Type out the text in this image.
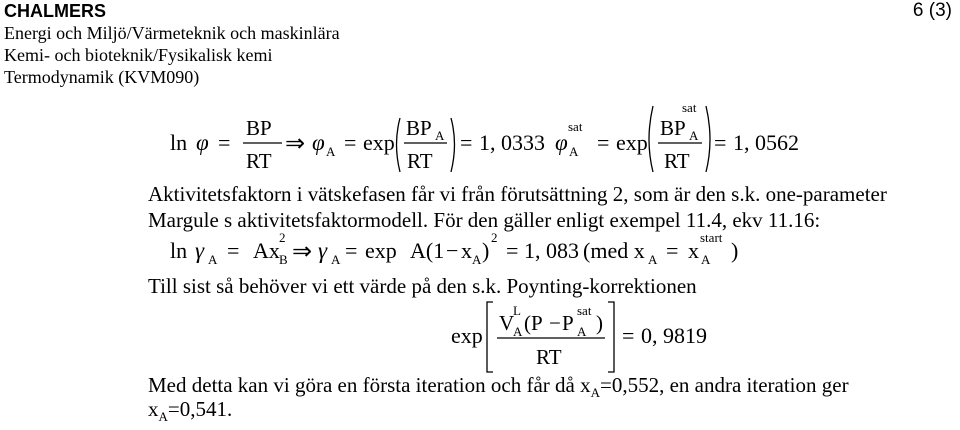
CHALMERS
Energi och Miljö/Värmeteknik och maskinlära
Kemi- och bioteknik/Fysikalisk kemi
Termodynamik (KVM090)
6 (3)
ln φ =
BP
RT
⇒ φ A = exp
BP A
RT
= 1, 0333 φ
sat
A = exp
sat
BP A
RT
= 1, 0562
Aktivitetsfaktorn i vätskefasen får vi från förutsättning 2, som är den s.k. one-parameter
Margule s aktivitetsfaktormodell. För den gäller enligt exempel 11.4, ekv 11.16:
ln γ A = Ax
2
B ⇒ γ A = exp A(1 − x A )
2
= 1, 083 (med x A = x
start
A )
Till sist så behöver vi ett värde på den s.k. Poynting-korrektionen
exp V
L
A (P − P
sat
A )
RT
= 0, 9819
Med detta kan vi göra en första iteration och får då $x_A=0,552$, en andra iteration ger
$x_A=0,541$.
